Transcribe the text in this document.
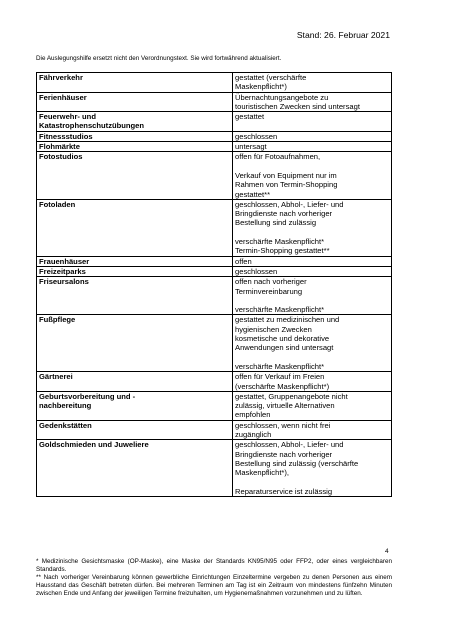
Stand: 26. Februar 2021
Die Auslegungshilfe ersetzt nicht den Verordnungstext. Sie wird fortwährend aktualisiert.
Fährverkehr	gestattet (verschärfte
Maskenpflicht*)
Ferienhäuser	Übernachtungsangebote zu
touristischen Zwecken sind untersagt
Feuerwehr- und
Katastrophenschutzübungen	gestattet
Fitnessstudios	geschlossen
Flohmärkte	untersagt
Fotostudios	offen für Fotoaufnahmen,

Verkauf von Equipment nur im
Rahmen von Termin-Shopping
gestattet**
Fotoladen	geschlossen, Abhol-, Liefer- und
Bringdienste nach vorheriger
Bestellung sind zulässig

verschärfte Maskenpflicht*
Termin-Shopping gestattet**
Frauenhäuser	offen
Freizeitparks	geschlossen
Friseursalons	offen nach vorheriger
Terminvereinbarung

verschärfte Maskenpflicht*
Fußpflege	gestattet zu medizinischen und
hygienischen Zwecken
kosmetische und dekorative
Anwendungen sind untersagt

verschärfte Maskenpflicht*
Gärtnerei	offen für Verkauf im Freien
(verschärfte Maskenpflicht*)
Geburtsvorbereitung und -
nachbereitung	gestattet, Gruppenangebote nicht
zulässig, virtuelle Alternativen
empfohlen
Gedenkstätten	geschlossen, wenn nicht frei
zugänglich
Goldschmieden und Juweliere	geschlossen, Abhol-, Liefer- und
Bringdienste nach vorheriger
Bestellung sind zulässig (verschärfte
Maskenpflicht*),

Reparaturservice ist zulässig
4

* Medizinische Gesichtsmaske (OP-Maske), eine Maske der Standards KN95/N95 oder FFP2, oder eines vergleichbaren Standards.

** Nach vorheriger Vereinbarung können gewerbliche Einrichtungen Einzeltermine vergeben zu denen Personen aus einem Hausstand das Geschäft betreten dürfen. Bei mehreren Terminen am Tag ist ein Zeitraum von mindestens fünfzehn Minuten zwischen Ende und Anfang der jeweiligen Termine freizuhalten, um Hygienemaßnahmen vorzunehmen und zu lüften.
